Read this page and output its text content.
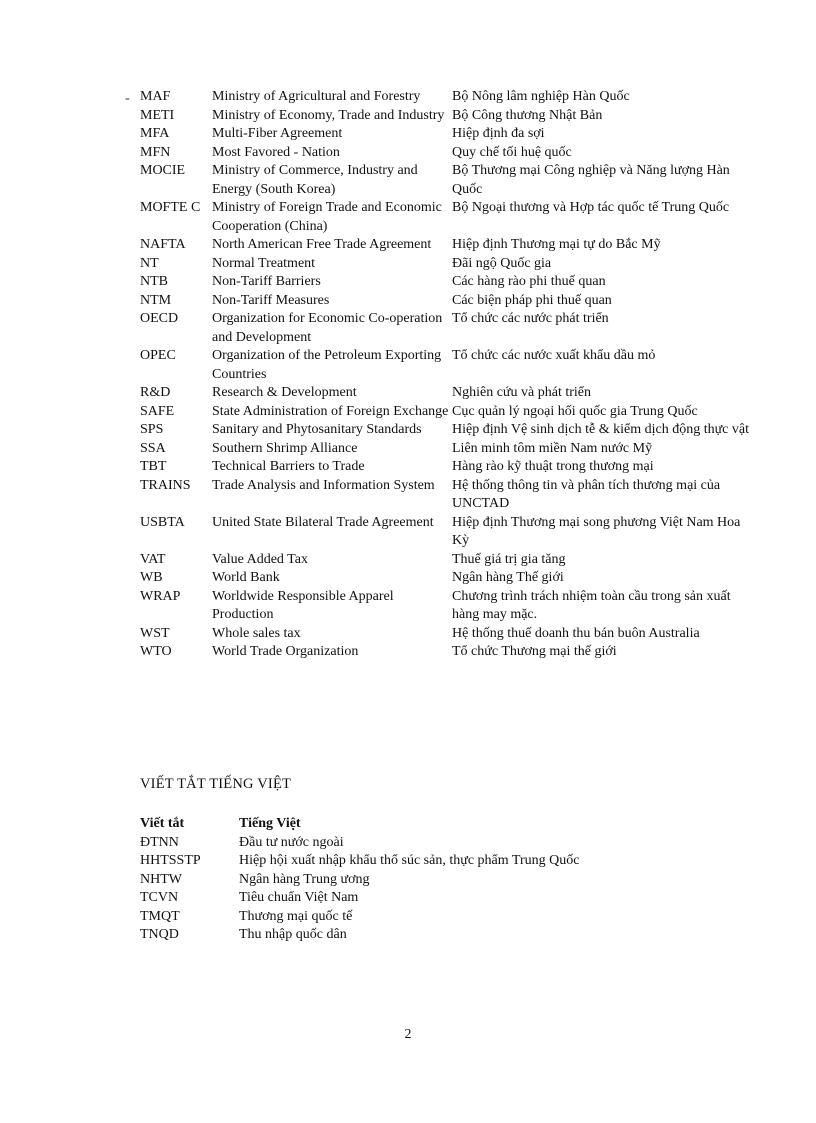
- MAF	Ministry of Agricultural and Forestry	Bộ Nông lâm nghiệp Hàn Quốc
METI	Ministry of Economy, Trade and Industry	Bộ Công thương Nhật Bản
MFA	Multi-Fiber Agreement	Hiệp định đa sợi
MFN	Most Favored - Nation	Quy chế tối huệ quốc
MOCIE	Ministry of Commerce, Industry and Energy (South Korea)	Bộ Thương mại Công nghiệp và Năng lượng Hàn Quốc
MOFTE C	Ministry of Foreign Trade and Economic Cooperation (China)	Bộ Ngoại thương và Hợp tác quốc tế Trung Quốc
NAFTA	North American Free Trade Agreement	Hiệp định Thương mại tự do Bắc Mỹ
NT	Normal Treatment	Đãi ngộ Quốc gia
NTB	Non-Tariff Barriers	Các hàng rào phi thuế quan
NTM	Non-Tariff Measures	Các biện pháp phi thuế quan
OECD	Organization for Economic Co-operation and Development	Tổ chức các nước phát triển
OPEC	Organization of the Petroleum Exporting Countries	Tổ chức các nước xuất khẩu dầu mỏ
R&D	Research & Development	Nghiên cứu và phát triển
SAFE	State Administration of Foreign Exchange	Cục quản lý ngoại hối quốc gia Trung Quốc
SPS	Sanitary and Phytosanitary Standards	Hiệp định Vệ sinh dịch tễ & kiểm dịch động thực vật
SSA	Southern Shrimp Alliance	Liên minh tôm miền Nam nước Mỹ
TBT	Technical Barriers to Trade	Hàng rào kỹ thuật trong thương mại
TRAINS	Trade Analysis and Information System	Hệ thống thông tin và phân tích thương mại của UNCTAD
USBTA	United State Bilateral Trade Agreement	Hiệp định Thương mại song phương Việt Nam Hoa Kỳ
VAT	Value Added Tax	Thuế giá trị gia tăng
WB	World Bank	Ngân hàng Thế giới
WRAP	Worldwide Responsible Apparel Production	Chương trình trách nhiệm toàn cầu trong sản xuất hàng may mặc.
WST	Whole sales tax	Hệ thống thuế doanh thu bán buôn Australia
WTO	World Trade Organization	Tổ chức Thương mại thế giới
VIẾT TẮT TIẾNG VIỆT
Viết tắt	Tiếng Việt
ĐTNN	Đầu tư nước ngoài
HHTSSTP	Hiệp hội xuất nhập khẩu thổ súc sản, thực phẩm Trung Quốc
NHTW	Ngân hàng Trung ương
TCVN	Tiêu chuẩn Việt Nam
TMQT	Thương mại quốc tế
TNQD	Thu nhập quốc dân
2
